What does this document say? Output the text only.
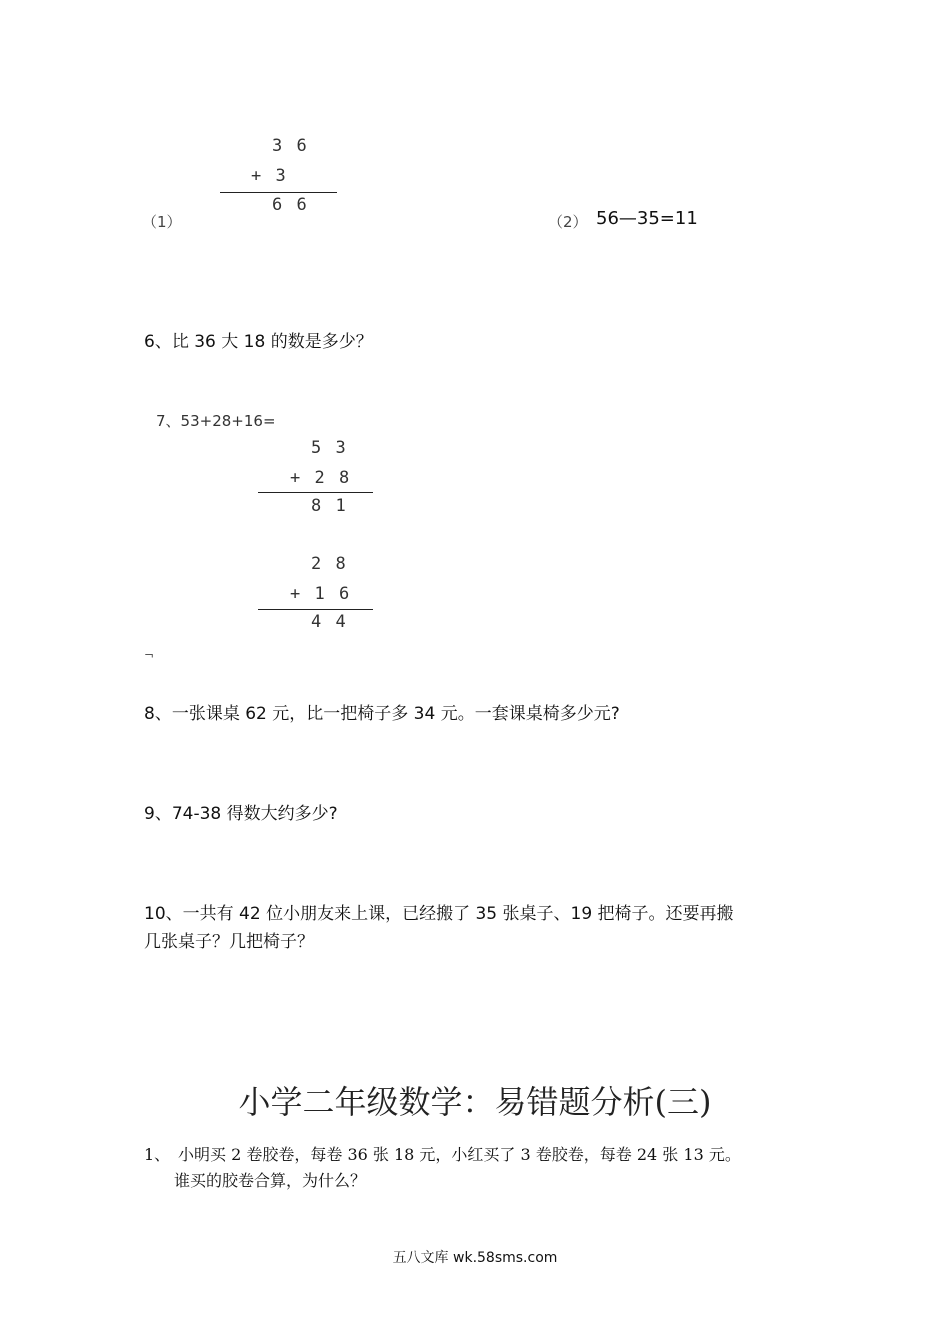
3 6
+ 3
6 6
（1）	（2） 56—35=11
6、比 36 大 18 的数是多少？
7、53+28+16=
5 3
+ 2 8
8 1
2 8
+ 1 6
4 4
¬
8、一张课桌 62 元，比一把椅子多 34 元。一套课桌椅多少元?
9、74-38 得数大约多少?
10、一共有 42 位小朋友来上课，已经搬了 35 张桌子、19 把椅子。还要再搬
几张桌子？几把椅子？
小学二年级数学：易错题分析(三)
1、 小明买 2 卷胶卷，每卷 36 张 18 元，小红买了 3 卷胶卷，每卷 24 张 13 元。
谁买的胶卷合算，为什么？
五八文库 wk.58sms.com
